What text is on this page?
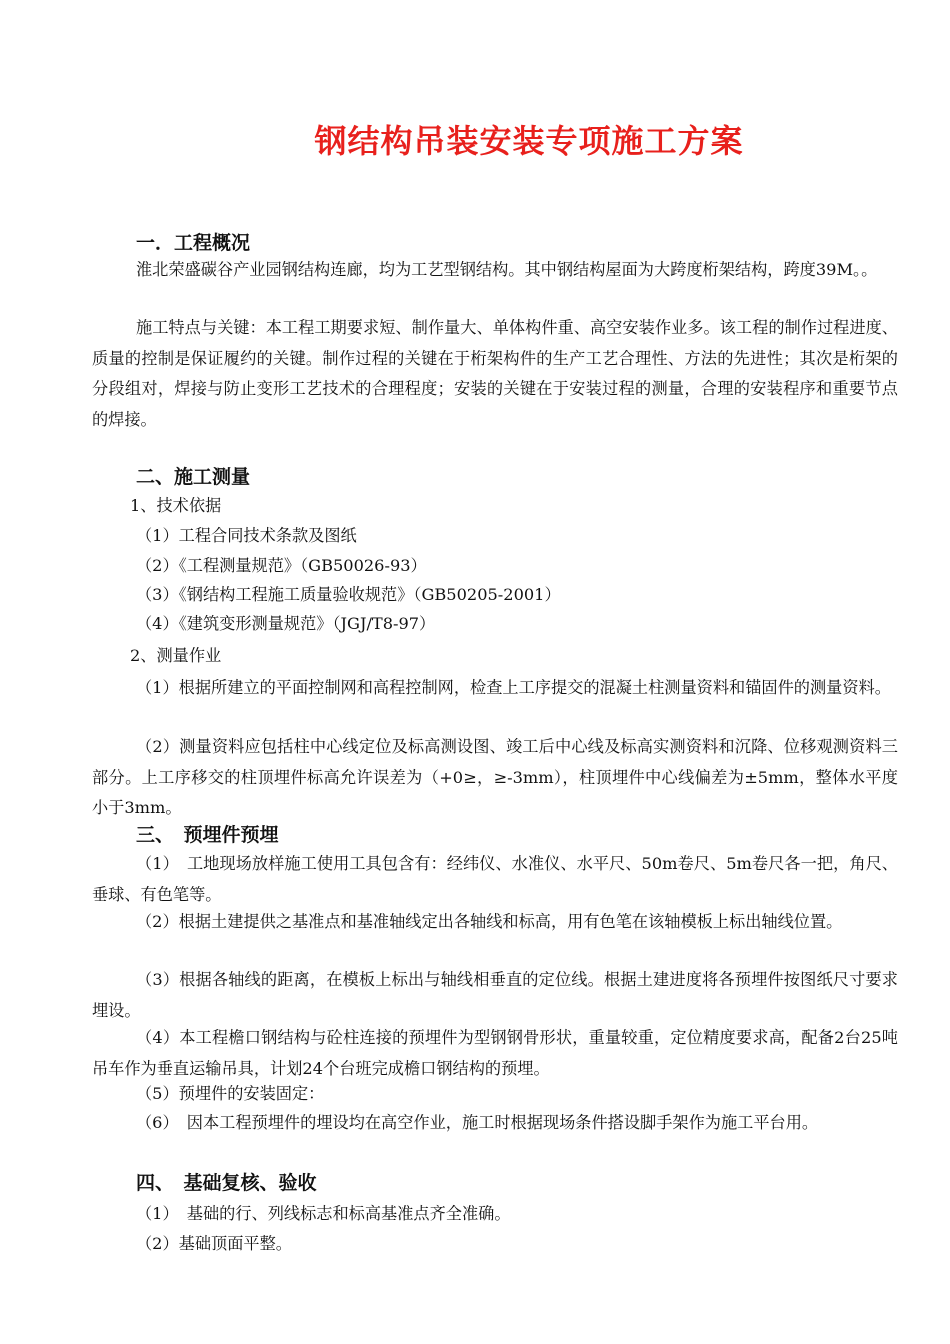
钢结构吊装安装专项施工方案
一．工程概况
淮北荣盛碳谷产业园钢结构连廊，均为工艺型钢结构。其中钢结构屋面为大跨度桁架结构，跨度39M。。
施工特点与关键：本工程工期要求短、制作量大、单体构件重、高空安装作业多。该工程的制作过程进度、质量的控制是保证履约的关键。制作过程的关键在于桁架构件的生产工艺合理性、方法的先进性；其次是桁架的分段组对，焊接与防止变形工艺技术的合理程度；安装的关键在于安装过程的测量，合理的安装程序和重要节点的焊接。
二、施工测量
1、技术依据
（1）工程合同技术条款及图纸
（2）《工程测量规范》（GB50026-93）
（3）《钢结构工程施工质量验收规范》（GB50205-2001）
（4）《建筑变形测量规范》（JGJ/T8-97）
2、测量作业
（1）根据所建立的平面控制网和高程控制网，检查上工序提交的混凝土柱测量资料和锚固件的测量资料。
（2）测量资料应包括柱中心线定位及标高测设图、竣工后中心线及标高实测资料和沉降、位移观测资料三部分。上工序移交的柱顶埋件标高允许误差为（+0≥，≥-3mm），柱顶埋件中心线偏差为±5mm，整体水平度小于3mm。
三、　预埋件预埋
（1）　工地现场放样施工使用工具包含有：经纬仪、水准仪、水平尺、50m卷尺、5m卷尺各一把，角尺、垂球、有色笔等。
（2）根据土建提供之基准点和基准轴线定出各轴线和标高，用有色笔在该轴模板上标出轴线位置。
（3）根据各轴线的距离，在模板上标出与轴线相垂直的定位线。根据土建进度将各预埋件按图纸尺寸要求埋设。
（4）本工程檐口钢结构与砼柱连接的预埋件为型钢钢骨形状，重量较重，定位精度要求高，配备2台25吨吊车作为垂直运输吊具，计划24个台班完成檐口钢结构的预埋。
（5）预埋件的安装固定：
（6）　因本工程预埋件的埋设均在高空作业，施工时根据现场条件搭设脚手架作为施工平台用。
四、　基础复核、验收
（1）　基础的行、列线标志和标高基准点齐全准确。
（2）基础顶面平整。
